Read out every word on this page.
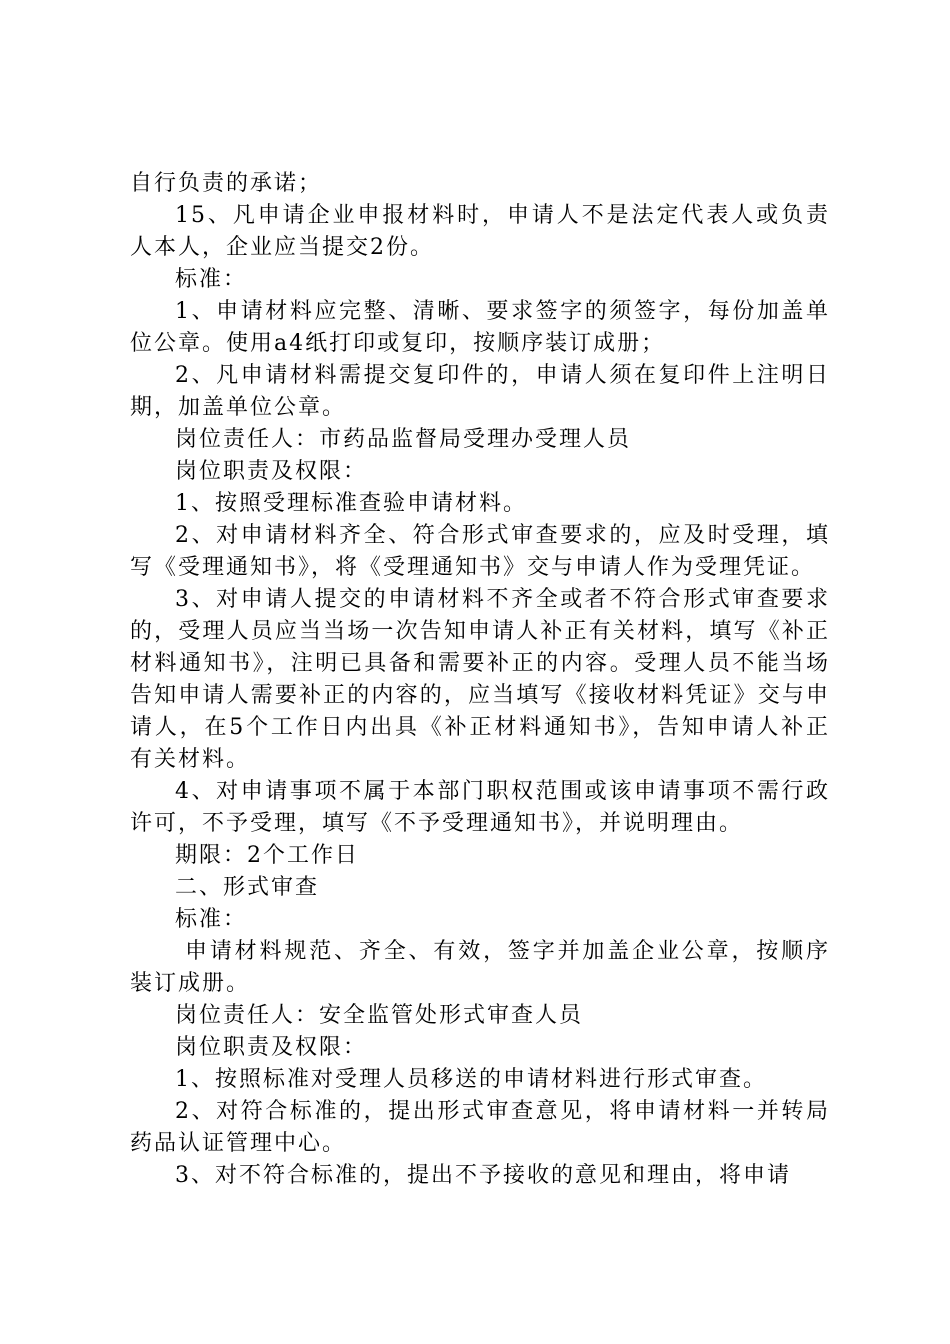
自行负责的承诺；

15、凡申请企业申报材料时，申请人不是法定代表人或负责人本人，企业应当提交2份。

标准：

1、申请材料应完整、清晰、要求签字的须签字，每份加盖单位公章。使用a4纸打印或复印，按顺序装订成册；

2、凡申请材料需提交复印件的，申请人须在复印件上注明日期，加盖单位公章。

岗位责任人：市药品监督局受理办受理人员

岗位职责及权限：

1、按照受理标准查验申请材料。

2、对申请材料齐全、符合形式审查要求的，应及时受理，填写《受理通知书》，将《受理通知书》交与申请人作为受理凭证。

3、对申请人提交的申请材料不齐全或者不符合形式审查要求的，受理人员应当当场一次告知申请人补正有关材料，填写《补正材料通知书》，注明已具备和需要补正的内容。受理人员不能当场告知申请人需要补正的内容的，应当填写《接收材料凭证》交与申请人，在5个工作日内出具《补正材料通知书》，告知申请人补正有关材料。

4、对申请事项不属于本部门职权范围或该申请事项不需行政许可，不予受理，填写《不予受理通知书》，并说明理由。

期限：2个工作日

二、形式审查

标准：

申请材料规范、齐全、有效，签字并加盖企业公章，按顺序装订成册。

岗位责任人：安全监管处形式审查人员

岗位职责及权限：

1、按照标准对受理人员移送的申请材料进行形式审查。

2、对符合标准的，提出形式审查意见，将申请材料一并转局药品认证管理中心。

3、对不符合标准的，提出不予接收的意见和理由，将申请
